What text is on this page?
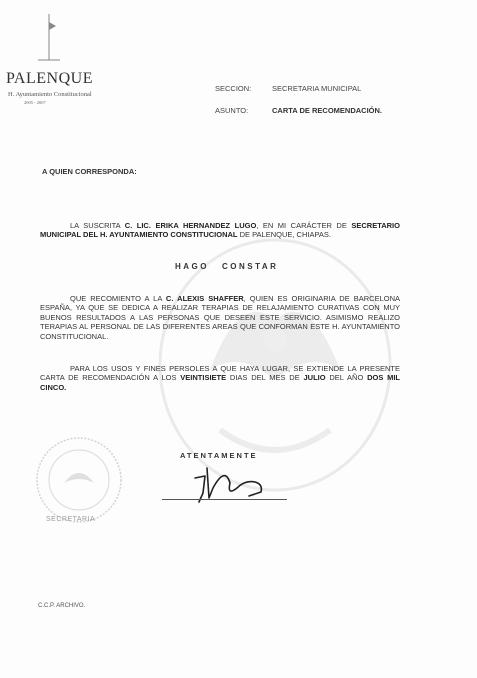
PALENQUE
H. Ayuntamiento Constitucional
2005 - 2007
SECCION:	SECRETARIA MUNICIPAL
ASUNTO:	CARTA DE RECOMENDACIÓN.
A QUIEN CORRESPONDA:
LA SUSCRITA C. LIC. ERIKA HERNANDEZ LUGO, EN MI CARÁCTER DE SECRETARIO MUNICIPAL DEL H. AYUNTAMIENTO CONSTITUCIONAL DE PALENQUE, CHIAPAS.
HAGO CONSTAR
QUE RECOMIENTO A LA C. ALEXIS SHAFFER, QUIEN ES ORIGINARIA DE BARCELONA ESPAÑA, YA QUE SE DEDICA A REALIZAR TERAPIAS DE RELAJAMIENTO CURATIVAS CON MUY BUENOS RESULTADOS A LAS PERSONAS QUE DESEEN ESTE SERVICIO. ASIMISMO REALIZO TERAPIAS AL PERSONAL DE LAS DIFERENTES AREAS QUE CONFORMAN ESTE H. AYUNTAMIENTO CONSTITUCIONAL.
PARA LOS USOS Y FINES PERSOLES A QUE HAYA LUGAR, SE EXTIENDE LA PRESENTE CARTA DE RECOMENDACIÓN A LOS VEINTISIETE DIAS DEL MES DE JULIO DEL AÑO DOS MIL CINCO.
SECRETARIA
ATENTAMENTE
C.C.P. ARCHIVO.
